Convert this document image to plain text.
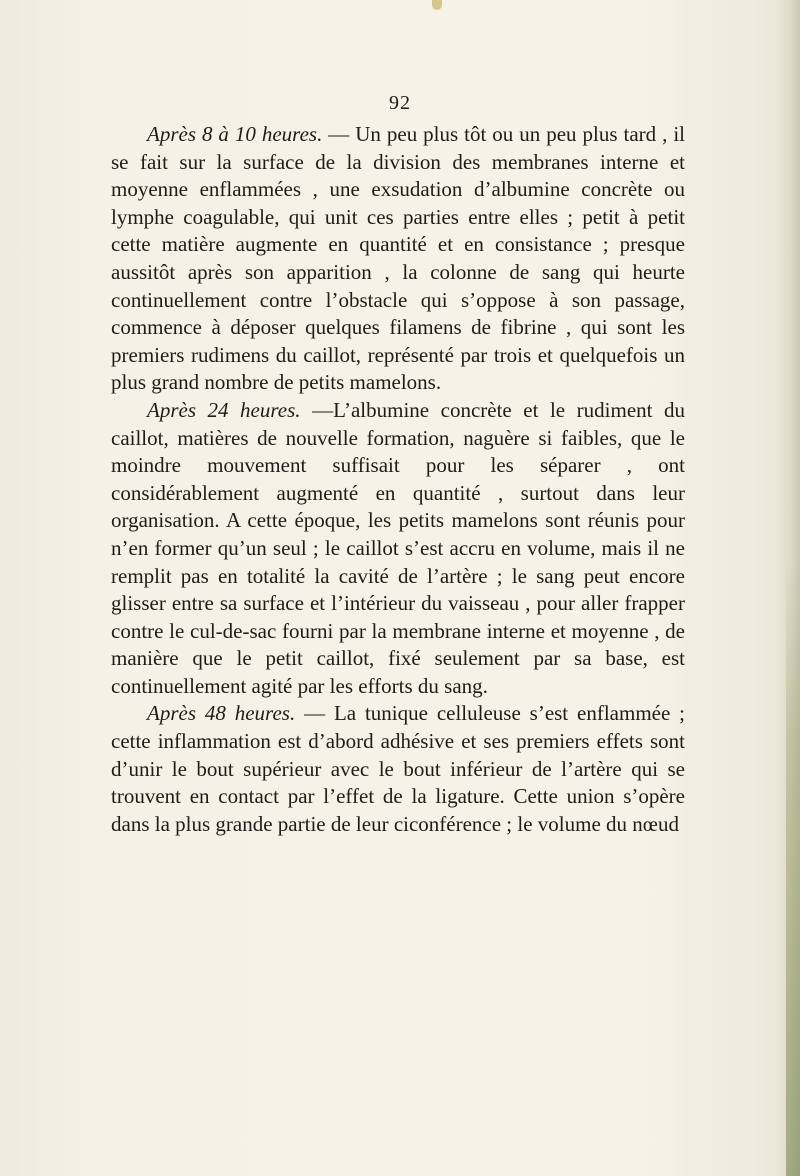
92

Après 8 à 10 heures. — Un peu plus tôt ou un peu plus tard , il se fait sur la surface de la division des membranes interne et moyenne enflammées , une exsudation d’albumine concrète ou lymphe coagulable, qui unit ces parties entre elles ; petit à petit cette matière augmente en quantité et en consistance ; presque aussitôt après son apparition , la colonne de sang qui heurte continuellement contre l’obstacle qui s’oppose à son passage, commence à déposer quelques filamens de fibrine , qui sont les premiers rudimens du caillot, représenté par trois et quelquefois un plus grand nombre de petits mamelons.

Après 24 heures. —L’albumine concrète et le rudiment du caillot, matières de nouvelle formation, naguère si faibles, que le moindre mouvement suffisait pour les séparer , ont considérablement augmenté en quantité , surtout dans leur organisation. A cette époque, les petits mamelons sont réunis pour n’en former qu’un seul ; le caillot s’est accru en volume, mais il ne remplit pas en totalité la cavité de l’artère ; le sang peut encore glisser entre sa surface et l’intérieur du vaisseau , pour aller frapper contre le cul-de-sac fourni par la membrane interne et moyenne , de manière que le petit caillot, fixé seulement par sa base, est continuellement agité par les efforts du sang.

Après 48 heures. — La tunique celluleuse s’est enflammée ; cette inflammation est d’abord adhésive et ses premiers effets sont d’unir le bout supérieur avec le bout inférieur de l’artère qui se trouvent en contact par l’effet de la ligature. Cette union s’opère dans la plus grande partie de leur ciconférence ; le volume du nœud
